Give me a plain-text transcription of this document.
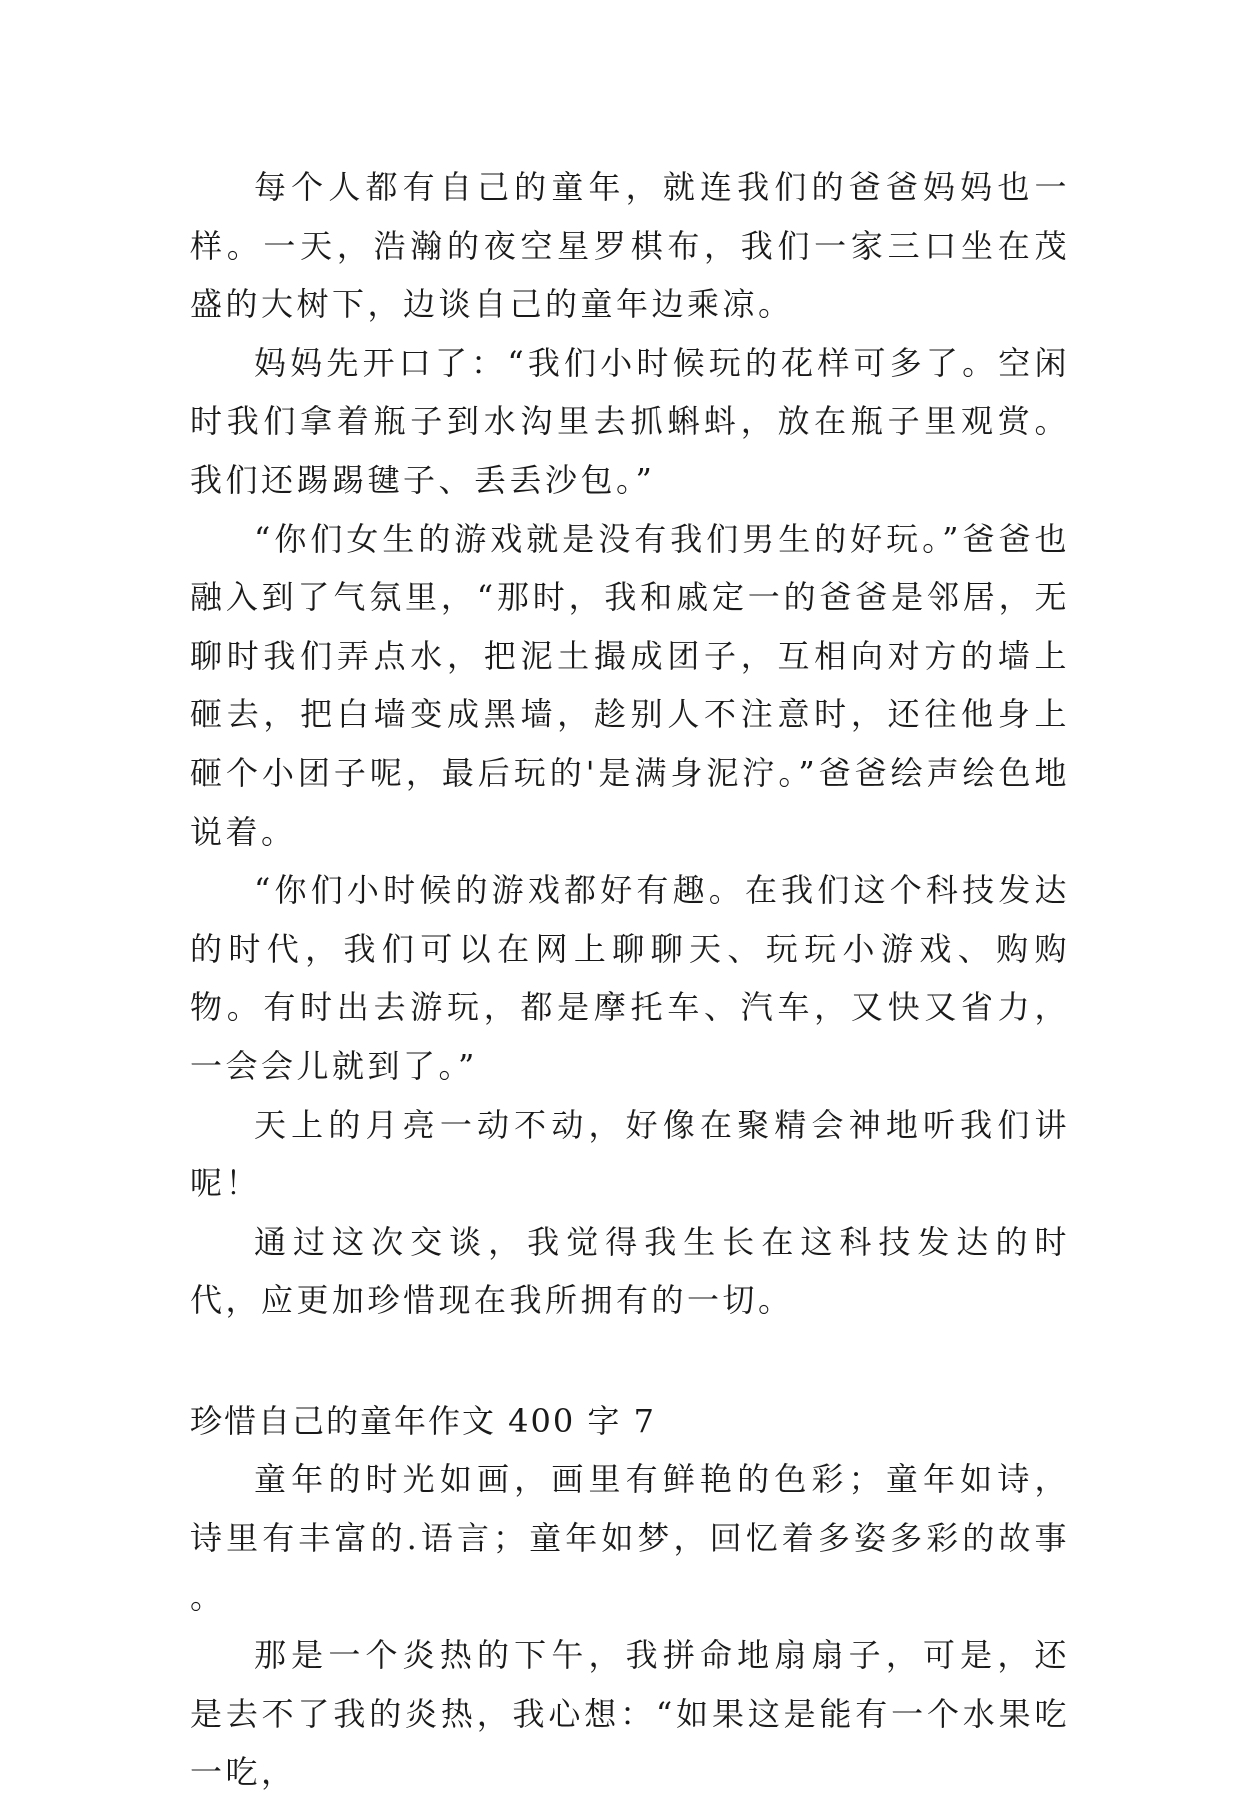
每个人都有自己的童年，就连我们的爸爸妈妈也一样。一天，浩瀚的夜空星罗棋布，我们一家三口坐在茂盛的大树下，边谈自己的童年边乘凉。

妈妈先开口了：“我们小时候玩的花样可多了。空闲时我们拿着瓶子到水沟里去抓蝌蚪，放在瓶子里观赏。我们还踢踢毽子、丢丢沙包。”

“你们女生的游戏就是没有我们男生的好玩。”爸爸也融入到了气氛里，“那时，我和戚定一的爸爸是邻居，无聊时我们弄点水，把泥土撮成团子，互相向对方的墙上砸去，把白墙变成黑墙，趁别人不注意时，还往他身上砸个小团子呢，最后玩的'是满身泥泞。”爸爸绘声绘色地说着。

“你们小时候的游戏都好有趣。在我们这个科技发达的时代，我们可以在网上聊聊天、玩玩小游戏、购购物。有时出去游玩，都是摩托车、汽车，又快又省力，一会会儿就到了。”

天上的月亮一动不动，好像在聚精会神地听我们讲呢！

通过这次交谈，我觉得我生长在这科技发达的时代，应更加珍惜现在我所拥有的一切。

珍惜自己的童年作文 400 字 7

童年的时光如画，画里有鲜艳的色彩；童年如诗，诗里有丰富的.语言；童年如梦，回忆着多姿多彩的故事 。

那是一个炎热的下午，我拼命地扇扇子，可是，还是去不了我的炎热，我心想：“如果这是能有一个水果吃一吃，
